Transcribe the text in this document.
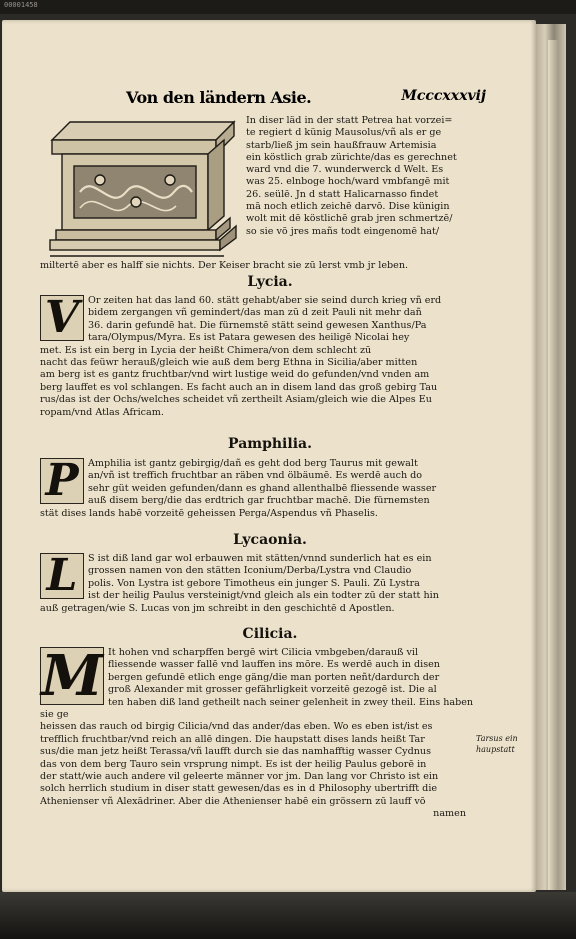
00001458
Von den ländern Asie.	Mcccxxxvij

In diser läd in der statt Petrea hat vorzei=

te regiert d künig Mausolus/vñ als er ge

starb/ließ jm sein haußfrauw Artemisia

ein köstlich grab zürichte/das es gerechnet

ward vnd die 7. wunderwerck d Welt. Es

was 25. elnboge hoch/ward vmbfangē mit

26. seülē. Jn d statt Halicarnasso findet

mā noch etlich zeichē darvō. Dise künigin

wolt mit dē köstlichē grab jren schmertzē/

so sie vō jres mañs todt eingenomē hat/

miltertē aber es halff sie nichts. Der Keiser bracht sie zū lerst vmb jr leben.
Lycia.
V Or zeiten hat das land 60. stätt gehabt/aber sie seind durch krieg vñ erd

bidem zergangen vñ gemindert/das man zū d zeit Pauli nit mehr dañ

36. darin gefundē hat. Die fürnemstē stätt seind gewesen Xanthus/Pa

tara/Olympus/Myra. Es ist Patara gewesen des heiligē Nicolai hey

met. Es ist ein berg in Lycia der heißt Chimera/von dem schlecht zū

nacht das feüwr herauß/gleich wie auß dem berg Ethna in Sicilia/aber mitten

am berg ist es gantz fruchtbar/vnd wirt lustige weid do gefunden/vnd vnden am

berg lauffet es vol schlangen. Es facht auch an in disem land das groß gebirg Tau

rus/das ist der Ochs/welches scheidet vñ zertheilt Asiam/gleich wie die Alpes Eu

ropam/vnd Atlas Africam.

Pamphilia.
P Amphilia ist gantz gebirgig/dañ es geht dod berg Taurus mit gewalt

an/vñ ist treffich fruchtbar an räben vnd ölbäumē. Es werdē auch do

sehr güt weiden gefunden/dann es ghand allenthalbē fliessende wasser

auß disem berg/die das erdtrich gar fruchtbar machē. Die fürnemsten

stät dises lands habē vorzeitē geheissen Perga/Aspendus vñ Phaselis.

Lycaonia.
L	S ist diß land gar wol erbauwen mit stätten/vnnd sunderlich hat es ein

grossen namen von den stätten Iconium/Derba/Lystra vnd Claudio

polis. Von Lystra ist gebore Timotheus ein junger S. Pauli. Zū Lystra

ist der heilig Paulus versteinigt/vnd gleich als ein todter zū der statt hin

auß getragen/wie S. Lucas von jm schreibt in den geschichtē d Apostlen.

Cilicia.
M It hohen vnd scharpffen bergē wirt Cilicia vmbgeben/darauß vil

fliessende wasser fallē vnd lauffen ins mōre. Es werdē auch in disen

bergen gefundē etlich enge gäng/die man porten neñt/dardurch der

groß Alexander mit grosser gefährligkeit vorzeitē gezogē ist. Die al

ten haben diß land getheilt nach seiner gelenheit in zwey theil. Eins haben sie ge

heissen das rauch od birgig Cilicia/vnd das ander/das eben. Wo es eben ist/ist es

trefflich fruchtbar/vnd reich an allē dingen. Die haupstatt dises lands heißt Tar

sus/die man jetz heißt Terassa/vñ laufft durch sie das namhafftig wasser Cydnus

das von dem berg Tauro sein vrsprung nimpt. Es ist der heilig Paulus geborē in

der statt/wie auch andere vil geleerte männer vor jm. Dan lang vor Christo ist ein

solch herrlich studium in diser statt gewesen/das es in d Philosophy ubertrifft die

Athenienser vñ Alexādriner. Aber die Athenienser habē ein grössern zū lauff vō

namen

Tarsus ein haupstatt
